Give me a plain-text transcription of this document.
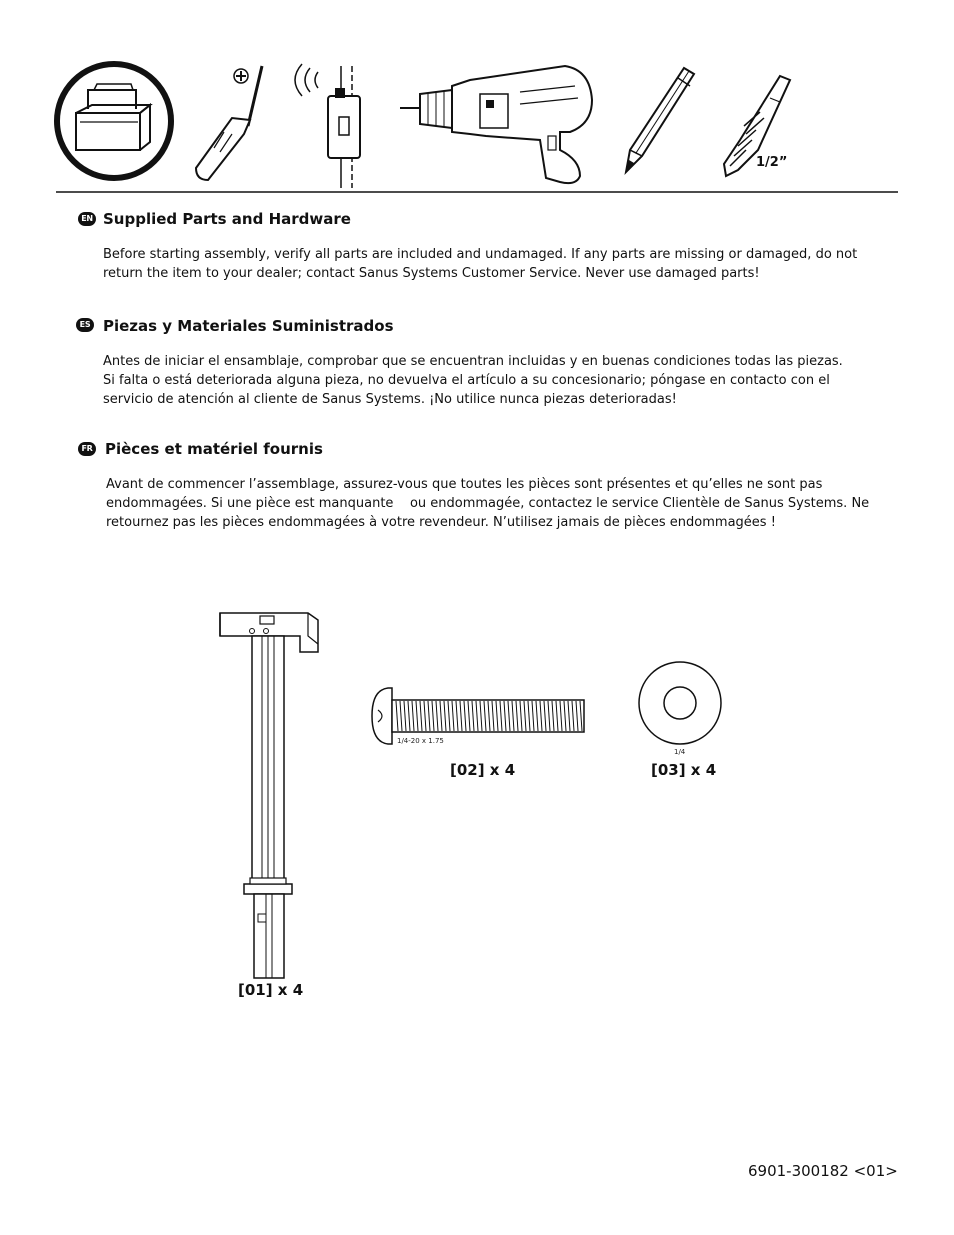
1/2”
EN Supplied Parts and Hardware
Before starting assembly, verify all parts are included and undamaged. If any parts are missing or damaged, do not
return the item to your dealer; contact Sanus Systems Customer Service. Never use damaged parts!
ES Piezas y Materiales Suministrados
Antes de iniciar el ensamblaje, comprobar que se encuentran incluidas y en buenas condiciones todas las piezas.
Si falta o está deteriorada alguna pieza, no devuelva el artículo a su concesionario; póngase en contacto con el
servicio de atención al cliente de Sanus Systems. ¡No utilice nunca piezas deterioradas!
FR Pièces et matériel fournis
Avant de commencer l’assemblage, assurez-vous que toutes les pièces sont présentes et qu’elles ne sont pas
endommagées. Si une pièce est manquante    ou endommagée, contactez le service Clientèle de Sanus Systems. Ne
retournez pas les pièces endommagées à votre revendeur. N’utilisez jamais de pièces endommagées !
1/4-20 x 1.75
1/4
[01] x 4
[02] x 4	[03] x 4
6901-300182 <01>
